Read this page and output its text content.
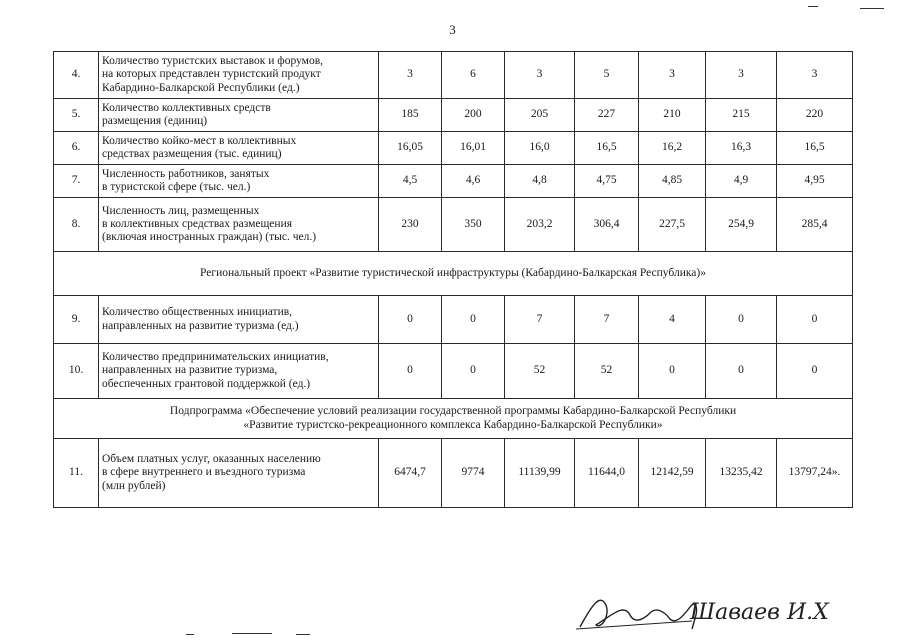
3
4.	Количество туристских выставок и форумов,
на которых представлен туристский продукт
Кабардино-Балкарской Республики (ед.)	3	6	3	5	3	3	3
5.	Количество коллективных средств
размещения (единиц)	185	200	205	227	210	215	220
6.	Количество койко-мест в коллективных
средствах размещения (тыс. единиц)	16,05	16,01	16,0	16,5	16,2	16,3	16,5
7.	Численность работников, занятых
в туристской сфере (тыс. чел.)	4,5	4,6	4,8	4,75	4,85	4,9	4,95
8.	Численность лиц, размещенных
в коллективных средствах размещения
(включая иностранных граждан) (тыс. чел.)	230	350	203,2	306,4	227,5	254,9	285,4
Региональный проект «Развитие туристической инфраструктуры (Кабардино-Балкарская Республика)»								
9.	Количество общественных инициатив,
направленных на развитие туризма (ед.)	0	0	7	7	4	0	0
10.	Количество предпринимательских инициатив,
направленных на развитие туризма,
обеспеченных грантовой поддержкой (ед.)	0	0	52	52	0	0	0

Подпрограмма «Обеспечение условий реализации государственной программы Кабардино-Балкарской Республики
«Развитие туристско-рекреационного комплекса Кабардино-Балкарской Республики»								

11.	Объем платных услуг, оказанных населению
в сфере внутреннего и въездного туризма
(млн рублей)	6474,7	9774	11139,99	11644,0	12142,59	13235,42	13797,24».
Шаваев И.Х
